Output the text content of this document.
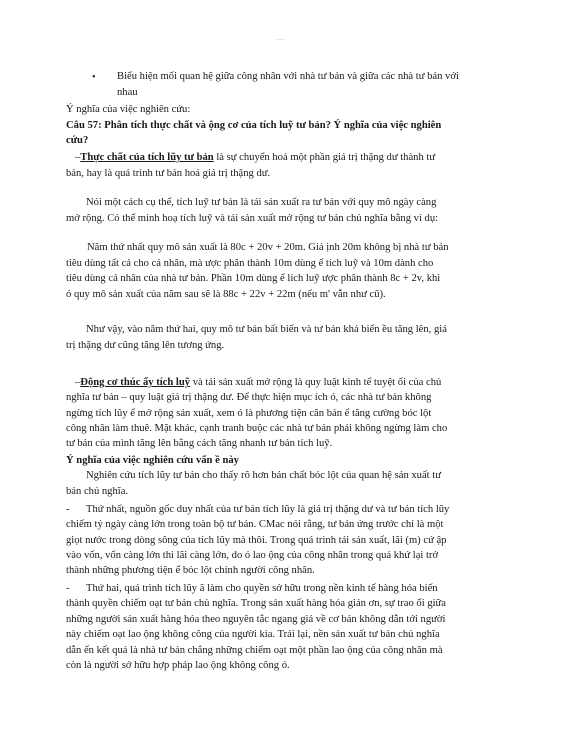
-----
• Biểu hiện mối quan hệ giữa công nhân với nhà tư bản và giữa các nhà tư bản với
nhau
Ý nghĩa của việc nghiên cứu:
Câu 57: Phân tích thực chất và ộng cơ của tích luỹ tư bản? Ý nghĩa của việc nghiên
cứu?
–Thực chất của tích lũy tư bản là sự chuyển hoá một phần giá trị thặng dư thành tư
bản, hay là quá trình tư bản hoá giá trị thặng dư.
Nói một cách cụ thể, tích luỹ tư bản là tái sản xuất ra tư bản với quy mô ngày càng
mở rộng. Có thể minh hoạ tích luỹ và tái sản xuất mở rộng tư bản chủ nghĩa bằng ví dụ:
Năm thứ nhất quy mô sản xuất là 80c + 20v + 20m. Giả ịnh 20m không bị nhà tư bản
tiêu dùng tất cả cho cá nhân, mà ược phân thành 10m dùng ể tích luỹ và 10m dành cho
tiêu dùng cá nhân của nhà tư bản. Phần 10m dùng ể lích luỹ ược phân thành 8c + 2v, khi
ó quy mô sản xuất của năm sau sẽ là 88c + 22v + 22m (nếu m' vẫn như cũ).
Như vậy, vào năm thứ hai, quy mô tư bản bất biến và tư bản khả biến ều tăng lên, giá
trị thặng dư cũng tăng lên tương ứng.
–Động cơ thúc ẩy tích luỹ và tái sản xuất mở rộng là quy luật kinh tế tuyệt ối của chủ
nghĩa tư bản – quy luật giá trị thặng dư. Để thực hiện mục ích ó, các nhà tư bản không
ngừng tích lũy ể mở rộng sản xuất, xem ó là phương tiện căn bản ể tăng cường bóc lột
công nhân làm thuê. Mặt khác, cạnh tranh buộc các nhà tư bản phải không ngừng làm cho
tư bản của mình tăng lên bằng cách tăng nhanh tư bản tích luỹ.
Ý nghĩa của việc nghiên cứu vấn ề này
Nghiên cứu tích lũy tư bản cho thấy rõ hơn bản chất bóc lột của quan hệ sản xuất tư
bản chủ nghĩa.
- Thứ nhất, nguồn gốc duy nhất của tư bản tích lũy là giá trị thặng dư và tư bản tích lũy
chiếm tỷ ngày càng lớn trong toàn bộ tư bản. CMac nói rằng, tư bản ứng trước chỉ là một
giọt nước trong dòng sông của tích lũy mà thôi. Trong quá trình tái sản xuất, lãi (m) cứ ập
vào vốn, vốn càng lớn thì lãi càng lớn, do ó lao ộng của công nhân trong quá khứ lại trở
thành những phương tiện ể bóc lột chính người công nhân.
- Thứ hai, quá trình tích lũy ã làm cho quyền sở hữu trong nền kinh tế hàng hóa biến
thành quyền chiếm oạt tư bản chủ nghĩa. Trong sản xuất hàng hóa giản ơn, sự trao ổi giữa
những người sản xuất hàng hóa theo nguyên tắc ngang giá về cơ bản không dẫn tới người
này chiếm oạt lao ộng không công của người kia. Trái lại, nền sản xuất tư bản chủ nghĩa
dẫn ến kết quả là nhà tư bản chẳng những chiếm oạt một phần lao ộng của công nhân mà
còn là người sở hữu hợp pháp lao ộng không công ó.
